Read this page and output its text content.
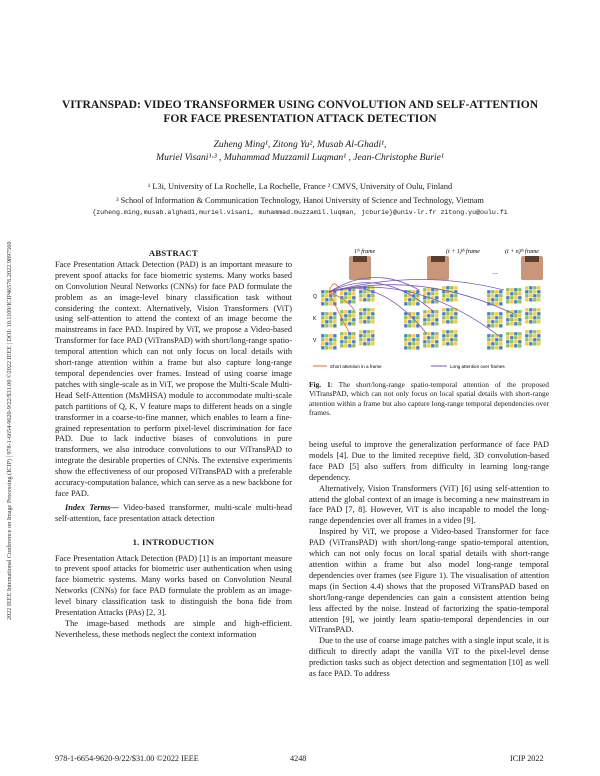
2022 IEEE International Conference on Image Processing (ICIP) | 978-1-6654-9620-9/22/$31.00 ©2022 IEEE | DOI: 10.1109/ICIP46576.2022.9897560
VITRANSPAD: VIDEO TRANSFORMER USING CONVOLUTION AND SELF-ATTENTION
FOR FACE PRESENTATION ATTACK DETECTION
Zuheng Ming¹, Zitong Yu², Musab Al-Ghadi¹,
Muriel Visani¹·³ , Muhammad Muzzamil Luqman¹ , Jean-Christophe Burie¹
¹ L3i, University of La Rochelle, La Rochelle, France ² CMVS, University of Oulu, Finland
³ School of Information & Communication Technology, Hanoi University of Science and Technology, Vietnam
{zuheng.ming,musab.alghadi,muriel.visani, muhammad.muzzamil.luqman, jcburie}@univ-lr.fr zitong.yu@oulu.fi
ABSTRACT

Face Presentation Attack Detection (PAD) is an important measure to prevent spoof attacks for face biometric systems. Many works based on Convolution Neural Networks (CNNs) for face PAD formulate the problem as an image-level binary classification task without considering the context. Alternatively, Vision Transformers (ViT) using self-attention to attend the context of an image become the mainstreams in face PAD. Inspired by ViT, we propose a Video-based Transformer for face PAD (ViTransPAD) with short/long-range spatio-temporal attention which can not only focus on local details with short-range attention within a frame but also capture long-range temporal dependencies over frames. Instead of using coarse image patches with single-scale as in ViT, we propose the Multi-Scale Multi-Head Self-Attention (MsMHSA) module to accommodate multi-scale patch partitions of Q, K, V feature maps to different heads on a single transformer in a coarse-to-fine manner, which enables to learn a fine-grained representation to perform pixel-level discrimination for face PAD. Due to lack inductive biases of convolutions in pure transformers, we also introduce convolutions to our ViTransPAD to integrate the desirable properties of CNNs. The extensive experiments show the effectiveness of our proposed ViTransPAD with a preferable accuracy-computation balance, which can serve as a new backbone for face PAD.

Index Terms— Video-based transformer, multi-scale multi-head self-attention, face presentation attack detection

1. INTRODUCTION

Face Presentation Attack Detection (PAD) [1] is an important measure to prevent spoof attacks for biometric user authentication when using face biometric systems. Many works based on Convolution Neural Networks (CNNs) for face PAD formulate the problem as an image-level binary classification task to distinguish the bona fide from Presentation Attacks (PAs) [2, 3].

The image-based methods are simple and high-efficient. Nevertheless, these methods neglect the context information

1ᵗʰ frame	(t + 1)ᵗʰ frame	(t + n)ᵗʰ frame
...
Q
K
V
Short attention in a frame	Long attention over frames
Fig. 1: The short/long-range spatio-temporal attention of the proposed ViTransPAD, which can not only focus on local spatial details with short-range attention within a frame but also capture long-range temporal dependencies over frames.

being useful to improve the generalization performance of face PAD models [4]. Due to the limited receptive field, 3D convolution-based face PAD [5] also suffers from difficulty in learning long-range dependency.

Alternatively, Vision Transformers (ViT) [6] using self-attention to attend the global context of an image is becoming a new mainstream in face PAD [7, 8]. However, ViT is also incapable to model the long-range dependencies over all frames in a video [9].

Inspired by ViT, we propose a Video-based Transformer for face PAD (ViTransPAD) with short/long-range spatio-temporal attention, which can not only focus on local spatial details with short-range attention within a frame but also model long-range temporal dependencies over frames (see Figure 1). The visualisation of attention maps (in Section 4.4) shows that the proposed ViTransPAD based on short/long-range dependencies can gain a consistent attention being less affected by the noise. Instead of factorizing the spatio-temporal attention [9], we jointly learn spatio-temporal dependencies in our ViTransPAD.

Due to the use of coarse image patches with a single input scale, it is difficult to directly adapt the vanilla ViT to the pixel-level dense prediction tasks such as object detection and segmentation [10] as well as face PAD. To address

978-1-6654-9620-9/22/$31.00 ©2022 IEEE	4248	ICIP 2022
